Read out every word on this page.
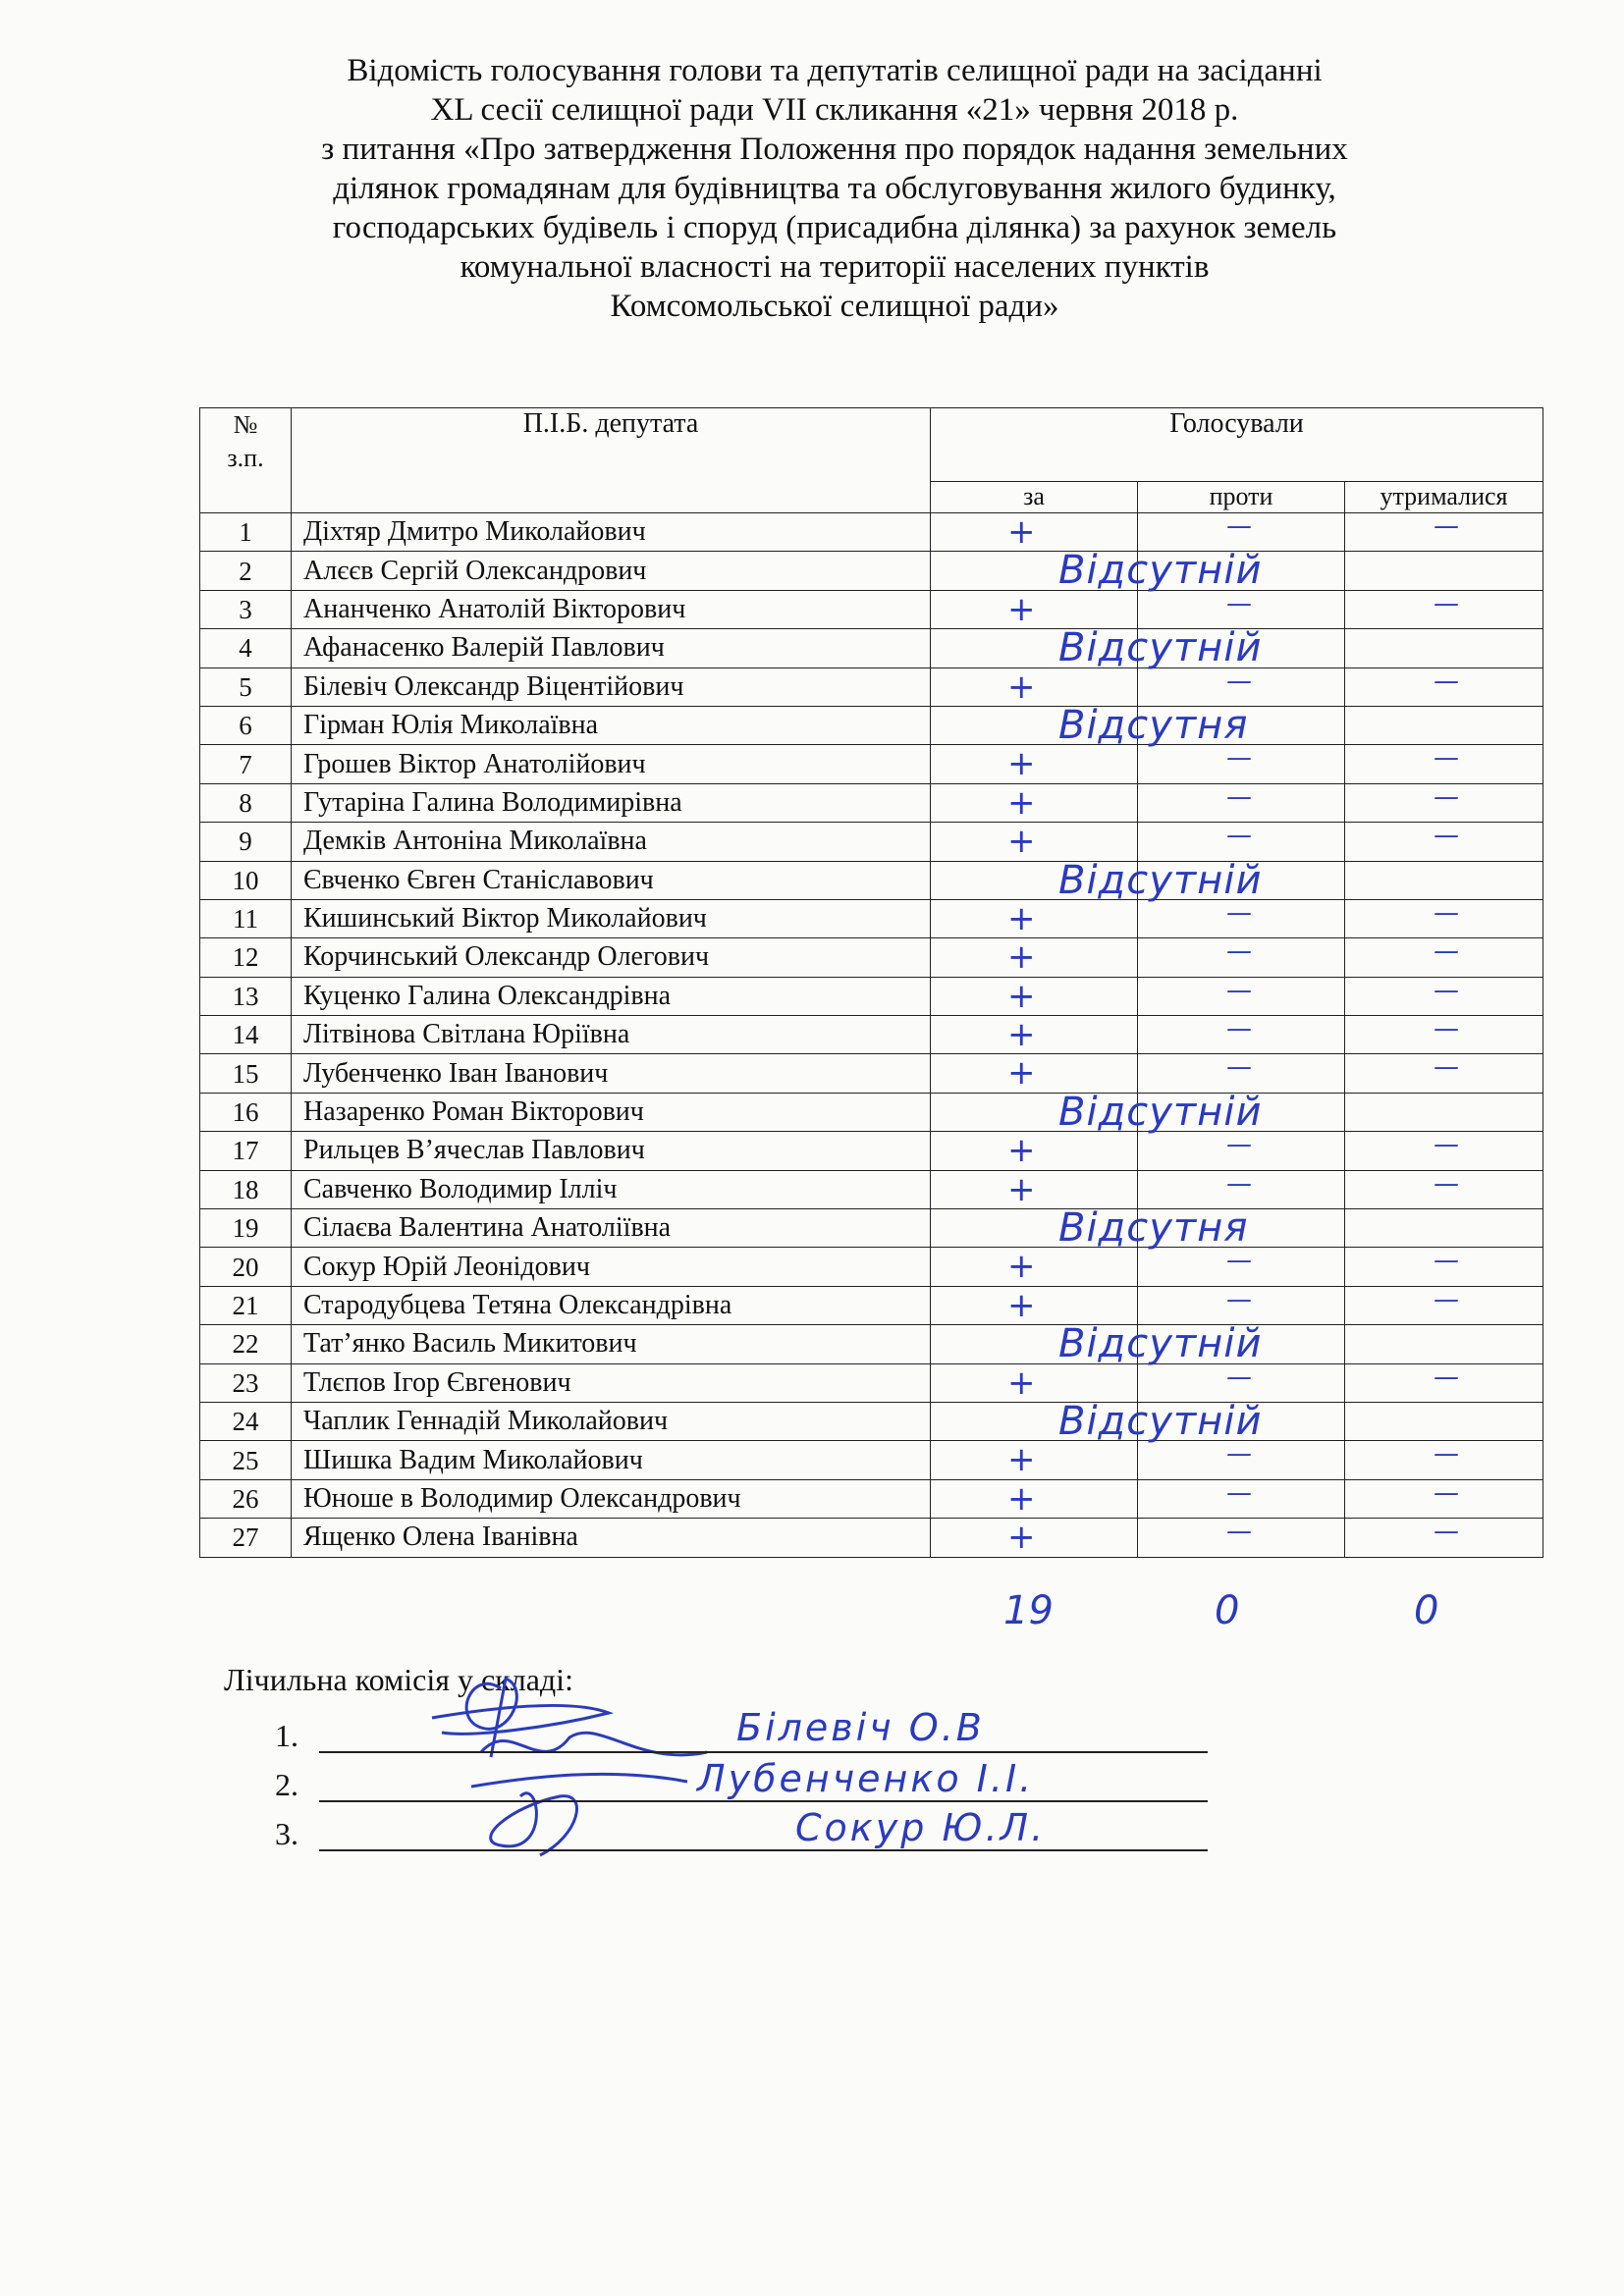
Відомість голосування голови та депутатів селищної ради на засіданні
XL сесії селищної ради VII скликання «21» червня 2018 р.
з питання «Про затвердження Положення про порядок надання земельних
ділянок громадянам для будівництва та обслуговування жилого будинку,
господарських будівель і споруд (присадибна ділянка) за рахунок земель
комунальної власності на території населених пунктів
Комсомольської селищної ради»
№
з.п.	П.І.Б. депутата	Голосували		
		за	проти	утрималися
1	Діхтяр Дмитро Миколайович	+	—	—

2	Алєєв Сергій Олександрович	Відсутній		

3	Ананченко Анатолій Вікторович	+	—	—

4	Афанасенко Валерій Павлович	Відсутній		

5	Білевіч Олександр Віцентійович	+	—	—

6	Гірман Юлія Миколаївна	Відсутня		

7	Грошев Віктор Анатолійович	+	—	—

8	Гутаріна Галина Володимирівна	+	—	—

9	Демків Антоніна Миколаївна	+	—	—

10	Євченко Євген Станіславович	Відсутній		

11	Кишинський Віктор Миколайович	+	—	—

12	Корчинський Олександр Олегович	+	—	—

13	Куценко Галина Олександрівна	+	—	—

14	Літвінова Світлана Юріївна	+	—	—

15	Лубенченко Іван Іванович	+	—	—

16	Назаренко Роман Вікторович	Відсутній		

17	Рильцев В’ячеслав Павлович	+	—	—

18	Савченко Володимир Ілліч	+	—	—

19	Сілаєва Валентина Анатоліївна	Відсутня		

20	Сокур Юрій Леонідович	+	—	—

21	Стародубцева Тетяна Олександрівна	+	—	—

22	Тат’янко Василь Микитович	Відсутній		

23	Тлєпов Ігор Євгенович	+	—	—

24	Чаплик Геннадій Миколайович	Відсутній		

25	Шишка Вадим Миколайович	+	—	—

26	Юноше в Володимир Олександрович	+	—	—

27	Ященко Олена Іванівна	+	—	—
19	0	0
Лічильна комісія у складі:
1.	Білевіч О.В
2.	Лубенченко І.І.
3.	Сокур Ю.Л.
